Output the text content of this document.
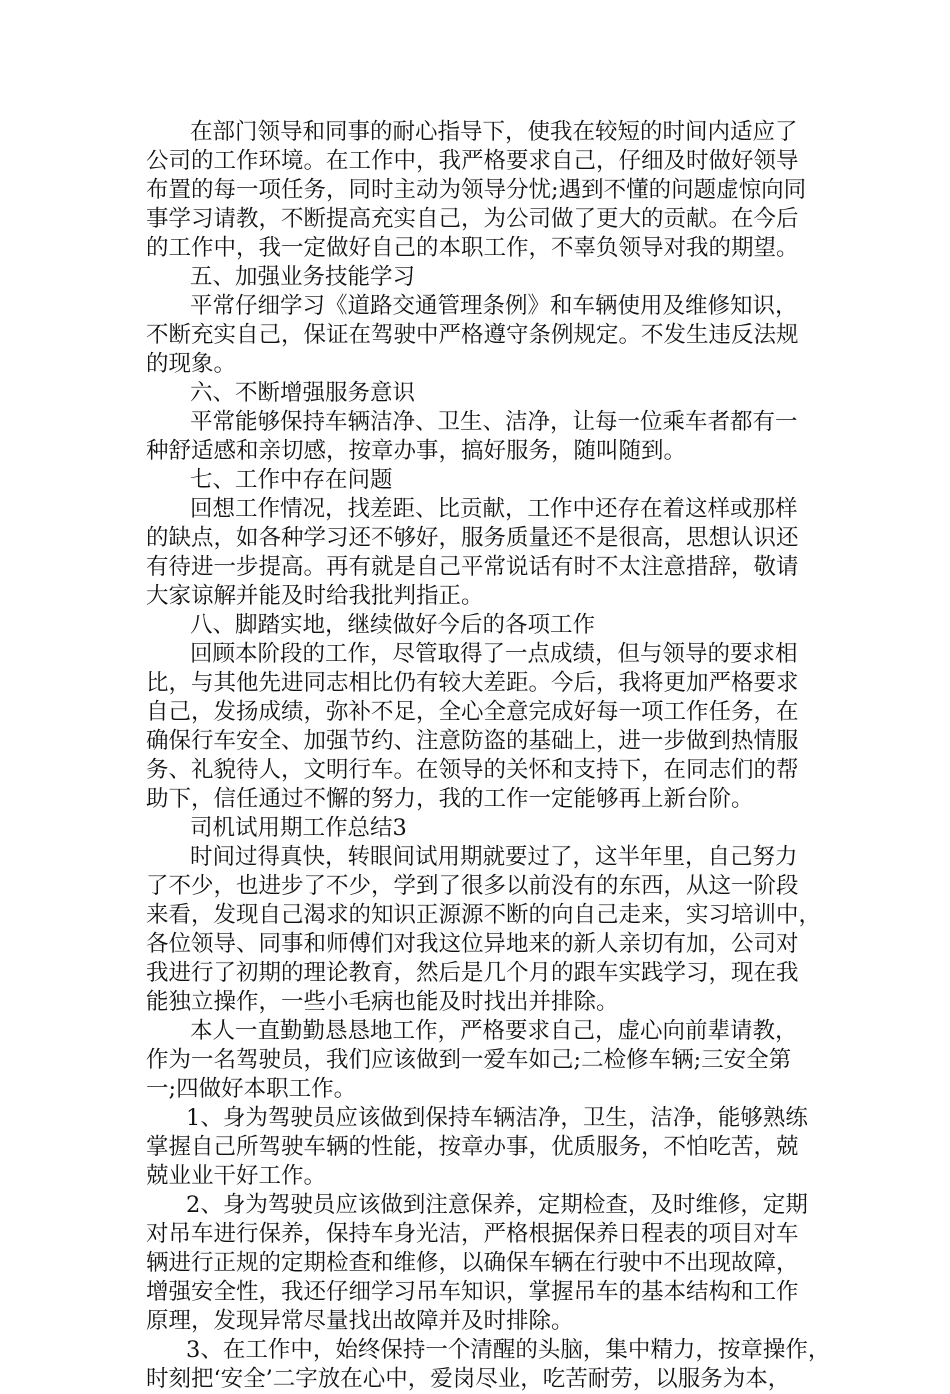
在部门领导和同事的耐心指导下，使我在较短的时间内适应了
公司的工作环境。在工作中，我严格要求自己，仔细及时做好领导
布置的每一项任务，同时主动为领导分忧;遇到不懂的问题虚惊向同
事学习请教，不断提高充实自己，为公司做了更大的贡献。在今后
的工作中，我一定做好自己的本职工作，不辜负领导对我的期望。
五、加强业务技能学习
平常仔细学习《道路交通管理条例》和车辆使用及维修知识，
不断充实自己，保证在驾驶中严格遵守条例规定。不发生违反法规
的现象。
六、不断增强服务意识
平常能够保持车辆洁净、卫生、洁净，让每一位乘车者都有一
种舒适感和亲切感，按章办事，搞好服务，随叫随到。
七、工作中存在问题
回想工作情况，找差距、比贡献，工作中还存在着这样或那样
的缺点，如各种学习还不够好，服务质量还不是很高，思想认识还
有待进一步提高。再有就是自己平常说话有时不太注意措辞，敬请
大家谅解并能及时给我批判指正。
八、脚踏实地，继续做好今后的各项工作
回顾本阶段的工作，尽管取得了一点成绩，但与领导的要求相
比，与其他先进同志相比仍有较大差距。今后，我将更加严格要求
自己，发扬成绩，弥补不足，全心全意完成好每一项工作任务，在
确保行车安全、加强节约、注意防盗的基础上，进一步做到热情服
务、礼貌待人，文明行车。在领导的关怀和支持下，在同志们的帮
助下，信任通过不懈的努力，我的工作一定能够再上新台阶。
司机试用期工作总结3
时间过得真快，转眼间试用期就要过了，这半年里，自己努力
了不少，也进步了不少，学到了很多以前没有的东西，从这一阶段
来看，发现自己渴求的知识正源源不断的向自己走来，实习培训中，
各位领导、同事和师傅们对我这位异地来的新人亲切有加，公司对
我进行了初期的理论教育，然后是几个月的跟车实践学习，现在我
能独立操作，一些小毛病也能及时找出并排除。
本人一直勤勤恳恳地工作，严格要求自己，虚心向前辈请教，
作为一名驾驶员，我们应该做到一爱车如己;二检修车辆;三安全第
一;四做好本职工作。
1、身为驾驶员应该做到保持车辆洁净，卫生，洁净，能够熟练
掌握自己所驾驶车辆的性能，按章办事，优质服务，不怕吃苦，兢
兢业业干好工作。
2、身为驾驶员应该做到注意保养，定期检查，及时维修，定期
对吊车进行保养，保持车身光洁，严格根据保养日程表的项目对车
辆进行正规的定期检查和维修，以确保车辆在行驶中不出现故障，
增强安全性，我还仔细学习吊车知识，掌握吊车的基本结构和工作
原理，发现异常尽量找出故障并及时排除。
3、在工作中，始终保持一个清醒的头脑，集中精力，按章操作，
时刻把‘安全’二字放在心中，爱岗尽业，吃苦耐劳，以服务为本，
